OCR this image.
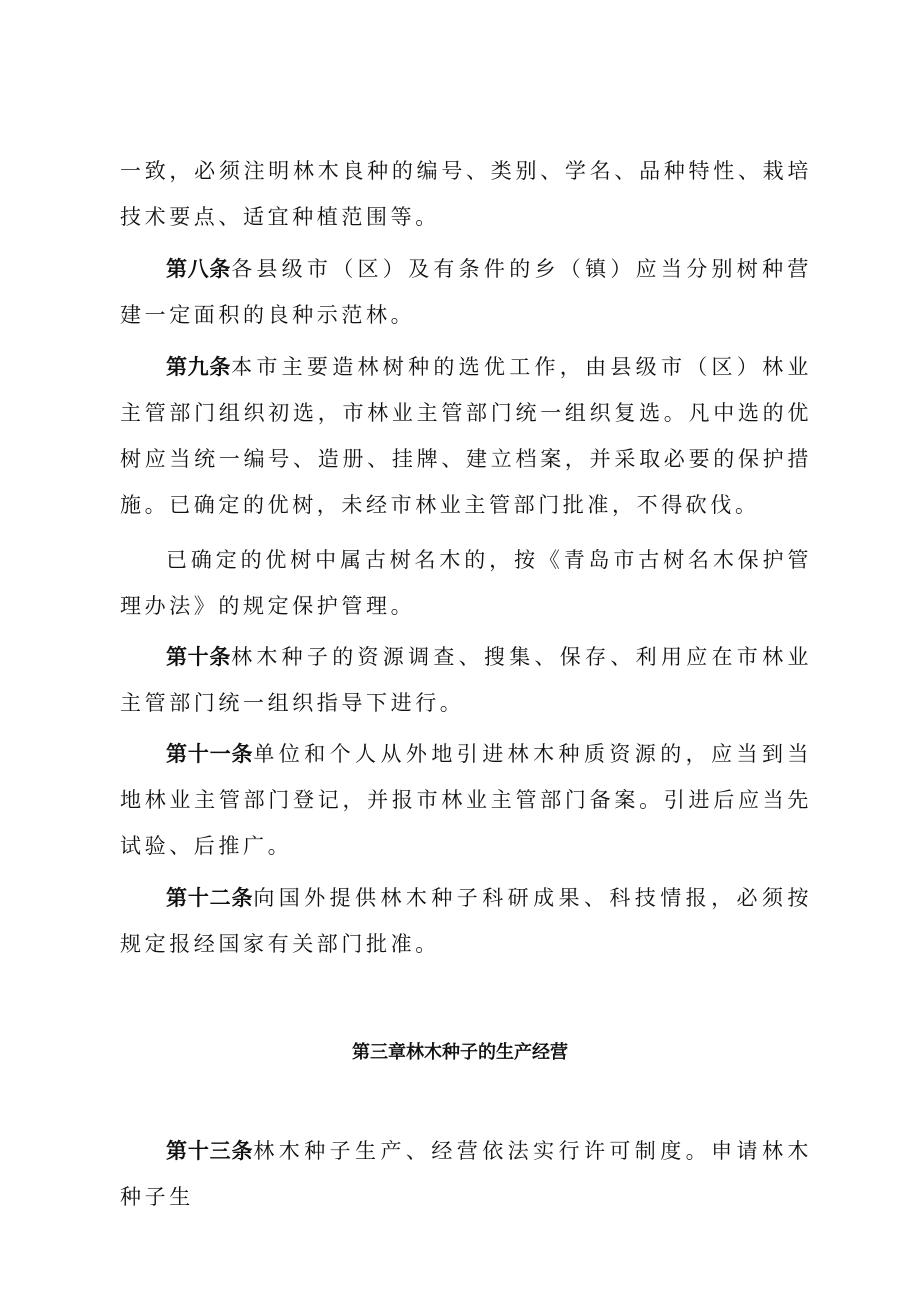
一致，必须注明林木良种的编号、类别、学名、品种特性、栽培技术要点、适宜种植范围等。

第八条各县级市（区）及有条件的乡（镇）应当分别树种营建一定面积的良种示范林。

第九条本市主要造林树种的选优工作，由县级市（区）林业主管部门组织初选，市林业主管部门统一组织复选。凡中选的优树应当统一编号、造册、挂牌、建立档案，并采取必要的保护措施。已确定的优树，未经市林业主管部门批准，不得砍伐。

已确定的优树中属古树名木的，按《青岛市古树名木保护管理办法》的规定保护管理。

第十条林木种子的资源调查、搜集、保存、利用应在市林业主管部门统一组织指导下进行。

第十一条单位和个人从外地引进林木种质资源的，应当到当地林业主管部门登记，并报市林业主管部门备案。引进后应当先试验、后推广。

第十二条向国外提供林木种子科研成果、科技情报，必须按规定报经国家有关部门批准。

第三章林木种子的生产经营

第十三条林木种子生产、经营依法实行许可制度。申请林木种子生
